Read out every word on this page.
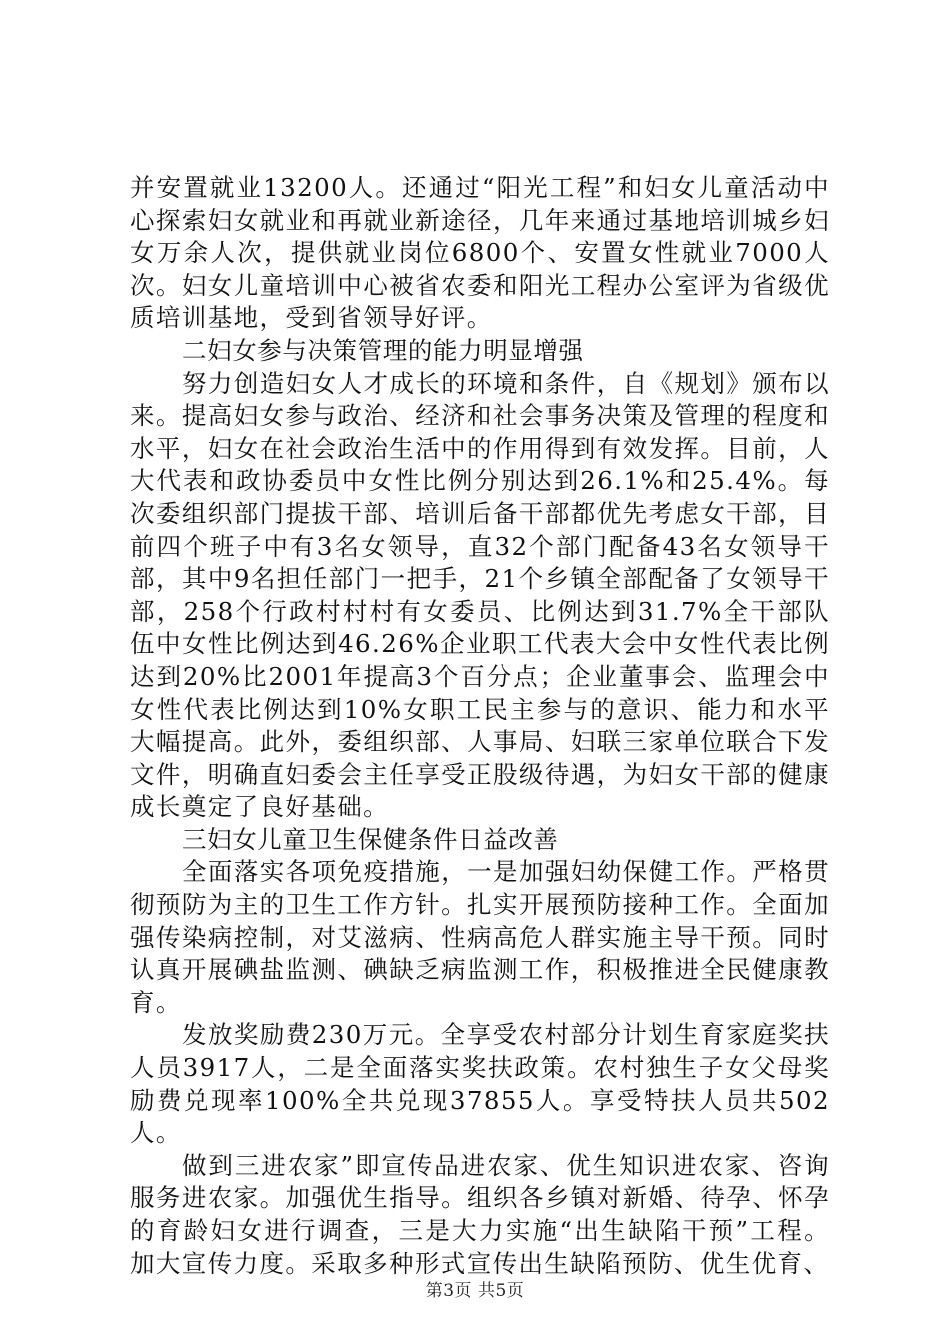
并安置就业13200人。还通过“阳光工程”和妇女儿童活动中心探索妇女就业和再就业新途径，几年来通过基地培训城乡妇女万余人次，提供就业岗位6800个、安置女性就业7000人次。妇女儿童培训中心被省农委和阳光工程办公室评为省级优质培训基地，受到省领导好评。

二妇女参与决策管理的能力明显增强

努力创造妇女人才成长的环境和条件，自《规划》颁布以来。提高妇女参与政治、经济和社会事务决策及管理的程度和水平，妇女在社会政治生活中的作用得到有效发挥。目前，人大代表和政协委员中女性比例分别达到26.1%和25.4%。每次委组织部门提拔干部、培训后备干部都优先考虑女干部，目前四个班子中有3名女领导，直32个部门配备43名女领导干部，其中9名担任部门一把手，21个乡镇全部配备了女领导干部，258个行政村村村有女委员、比例达到31.7%全干部队伍中女性比例达到46.26%企业职工代表大会中女性代表比例达到20%比2001年提高3个百分点；企业董事会、监理会中女性代表比例达到10%女职工民主参与的意识、能力和水平大幅提高。此外，委组织部、人事局、妇联三家单位联合下发文件，明确直妇委会主任享受正股级待遇，为妇女干部的健康成长奠定了良好基础。

三妇女儿童卫生保健条件日益改善

全面落实各项免疫措施，一是加强妇幼保健工作。严格贯彻预防为主的卫生工作方针。扎实开展预防接种工作。全面加强传染病控制，对艾滋病、性病高危人群实施主导干预。同时认真开展碘盐监测、碘缺乏病监测工作，积极推进全民健康教育。

发放奖励费230万元。全享受农村部分计划生育家庭奖扶人员3917人，二是全面落实奖扶政策。农村独生子女父母奖励费兑现率100%全共兑现37855人。享受特扶人员共502人。

做到三进农家”即宣传品进农家、优生知识进农家、咨询服务进农家。加强优生指导。组织各乡镇对新婚、待孕、怀孕的育龄妇女进行调查，三是大力实施“出生缺陷干预”工程。加大宣传力度。采取多种形式宣传出生缺陷预防、优生优育、

第3页 共5页
